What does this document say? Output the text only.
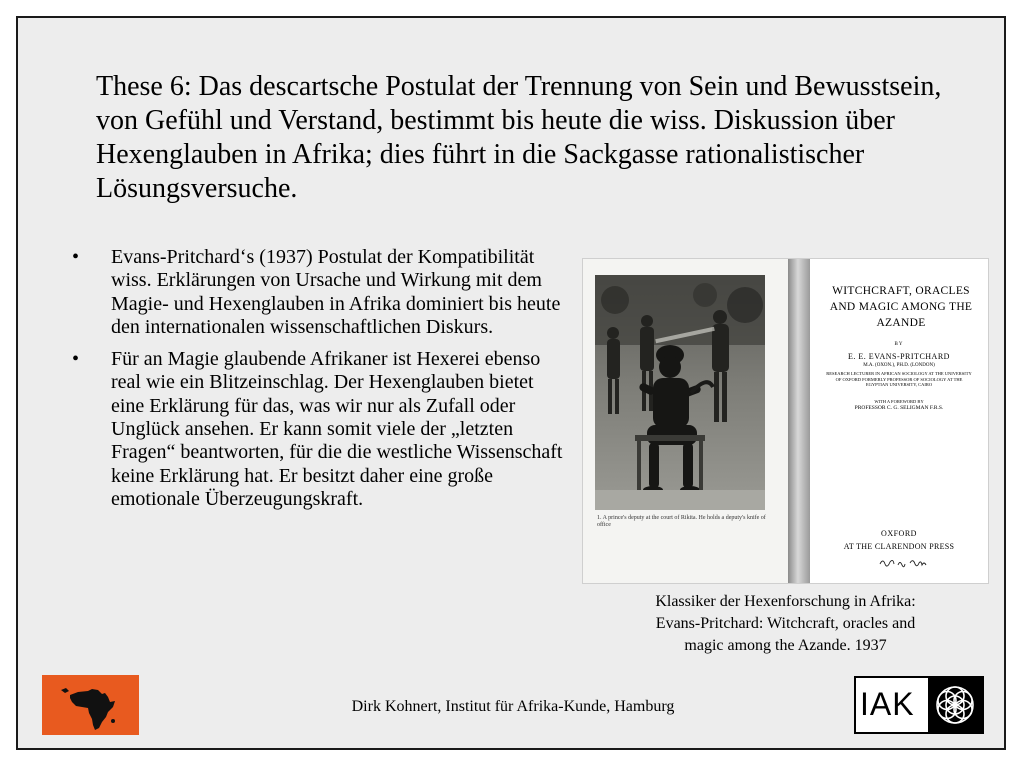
These 6: Das descartsche Postulat der Trennung von Sein und Bewusstsein, von Gefühl und Verstand, bestimmt bis heute die wiss. Diskussion über Hexenglauben in Afrika; dies führt in die Sackgasse rationalistischer Lösungsversuche.
• Evans-Pritchard‘s (1937) Postulat der Kompatibilität wiss. Erklärungen von Ursache und Wirkung mit dem Magie- und Hexenglauben in Afrika dominiert bis heute den internationalen wissenschaftlichen Diskurs.
• Für an Magie glaubende Afrikaner ist Hexerei ebenso real wie ein Blitzeinschlag. Der Hexenglauben bietet eine Erklärung für das, was wir nur als Zufall oder Unglück ansehen. Er kann somit viele der „letzten Fragen“ beantworten, für die die westliche Wissenschaft keine Erklärung hat. Er besitzt daher eine große emotionale Überzeugungskraft.
1. A prince's deputy at the court of Rikita. He holds a deputy's knife of office
WITCHCRAFT, ORACLES AND MAGIC AMONG THE AZANDE
BY
E. E. EVANS-PRITCHARD
M.A. (OXON.), PH.D. (LONDON)
RESEARCH LECTURER IN AFRICAN SOCIOLOGY AT THE UNIVERSITY OF OXFORD FORMERLY PROFESSOR OF SOCIOLOGY AT THE EGYPTIAN UNIVERSITY, CAIRO
WITH A FOREWORD BY
PROFESSOR C. G. SELIGMAN F.R.S.
OXFORD
AT THE CLARENDON PRESS
Klassiker der Hexenforschung in Afrika:
Evans-Pritchard: Witchcraft, oracles and
magic among the Azande. 1937
Dirk Kohnert, Institut für Afrika-Kunde, Hamburg	IAK
